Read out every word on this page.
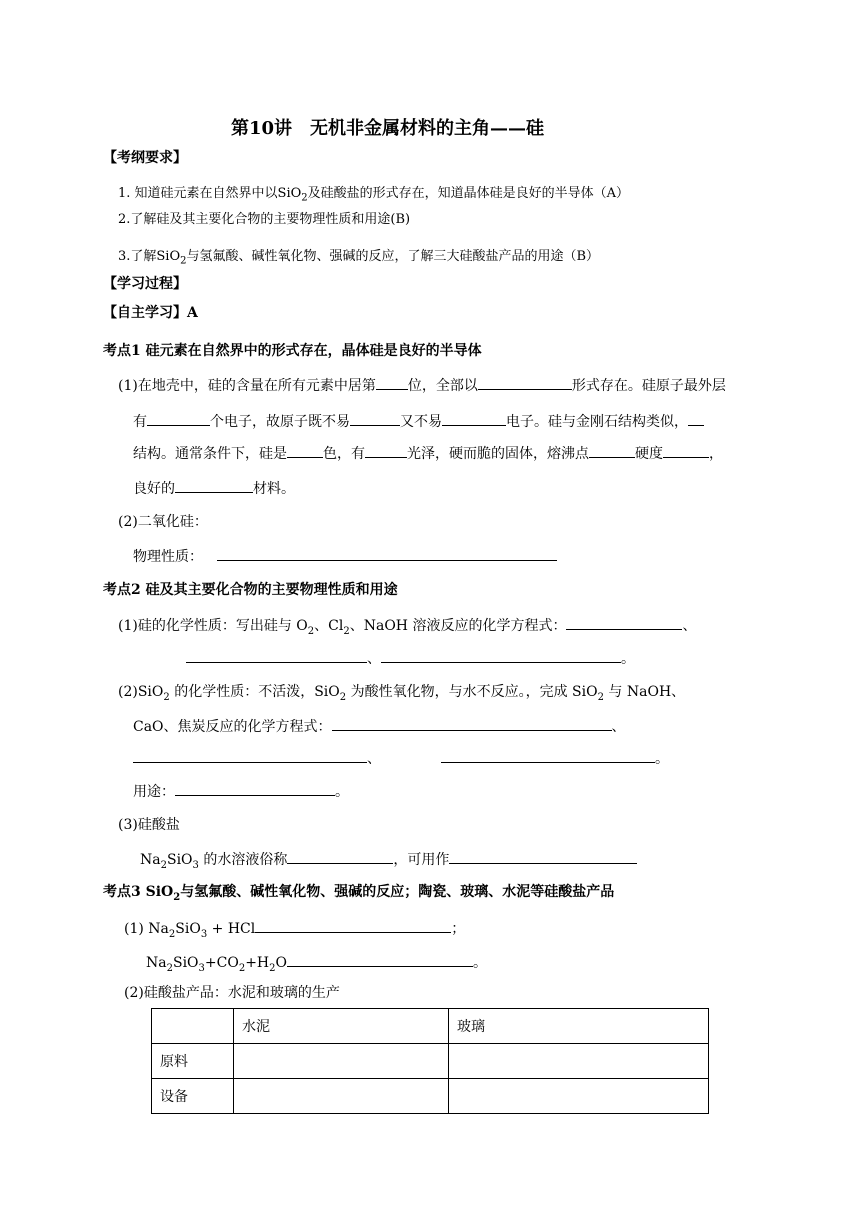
第10讲　无机非金属材料的主角——硅
【考纲要求】
1. 知道硅元素在自然界中以SiO$_2$及硅酸盐的形式存在，知道晶体硅是良好的半导体（A）
2.了解硅及其主要化合物的主要物理性质和用途(B)
3.了解SiO$_2$与氢氟酸、碱性氧化物、强碱的反应，了解三大硅酸盐产品的用途（B）
【学习过程】
【自主学习】A
考点1 硅元素在自然界中的形式存在，晶体硅是良好的半导体
(1)在地壳中，硅的含量在所有元素中居第 位，全部以	形式存在。硅原子最外层
有	个电子，故原子既不易	又不易	电子。硅与金刚石结构类似，
结构。通常条件下，硅是	色，有	光泽，硬而脆的固体，熔沸点	硬度	，
良好的	材料。
(2)二氧化硅：
物理性质：
考点2 硅及其主要化合物的主要物理性质和用途
(1)硅的化学性质：写出硅与 $O_2$、$Cl_2$、NaOH 溶液反应的化学方程式：	、
、	。
(2)SiO$_2$ 的化学性质：不活泼，SiO$_2$ 为酸性氧化物，与水不反应。，完成 SiO$_2$ 与 NaOH、
CaO、焦炭反应的化学方程式：	、
、	。
用途：	。
(3)硅酸盐
$Na_2SiO_3$ 的水溶液俗称	，可用作
考点3 SiO$_2$与氢氟酸、碱性氧化物、强碱的反应；陶瓷、玻璃、水泥等硅酸盐产品
(1) $Na_2SiO_3$ + HCl	；
$Na_2SiO_3+CO_2+H_2O$	。
(2)硅酸盐产品：水泥和玻璃的生产
	水泥	玻璃
原料		
设备		
